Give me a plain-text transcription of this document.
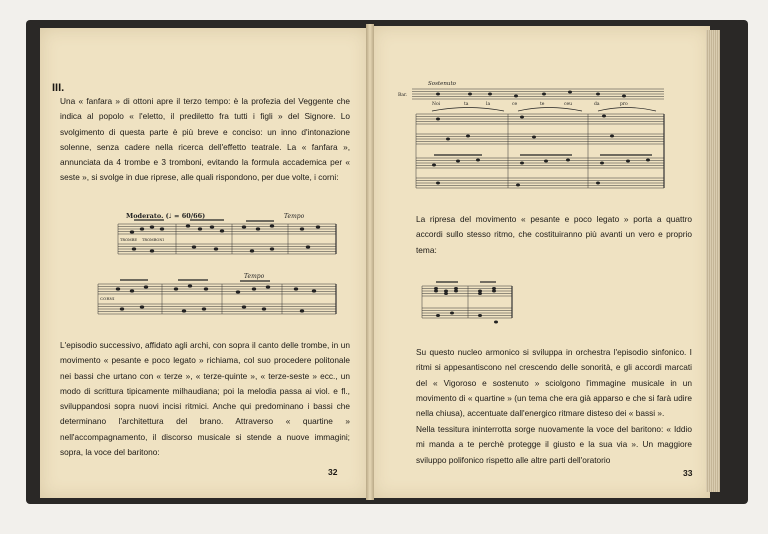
III.

Una « fanfara » di ottoni apre il terzo tempo: è la profezia del Veggente che indica al popolo « l'eletto, il prediletto fra tutti i figli » del Signore. Lo svolgimento di questa parte è più breve e conciso: un inno d'intonazione solenne, senza cadere nella ricerca dell'effetto teatrale. La « fanfara », annunciata da 4 trombe e 3 tromboni, evitando la formula accademica per « seste », si svolge in due riprese, alle quali rispondono, per due volte, i corni:

Moderato. (♩ = 60/66)	Tempo
TROMBE TROMBONI
Tempo
CORNI

L'episodio successivo, affidato agli archi, con sopra il canto delle trombe, in un movimento « pesante e poco legato » richiama, col suo procedere politonale nei bassi che urtano con « terze », « terze-quinte », « terze-seste » ecc., un modo di scrittura tipicamente milhaudiana; poi la melodia passa ai viol. e fl., sviluppandosi sopra nuovi incisi ritmici. Anche qui predominano i bassi che determinano l'architettura del brano. Attraverso « quartine » nell'accompagnamento, il discorso musicale si stende a nuove immagini; sopra, la voce del baritono:

32
Sostenuto
Bar.
Noi	ta	la	ce	te	ceu	da	pro

La ripresa del movimento « pesante e poco legato » porta a quattro accordi sullo stesso ritmo, che costituiranno più avanti un vero e proprio tema:

Su questo nucleo armonico si sviluppa in orchestra l'episodio sinfonico. I ritmi si appesantiscono nel crescendo delle sonorità, e gli accordi marcati del « Vigoroso e sostenuto » sciolgono l'immagine musicale in un movimento di « quartine » (un tema che era già apparso e che si farà udire nella chiusa), accentuate dall'energico ritmare disteso dei « bassi ».

Nella tessitura ininterrotta sorge nuovamente la voce del baritono: « Iddio mi manda a te perchè protegge il giusto e la sua via ». Un maggiore sviluppo polifonico rispetto alle altre parti dell'oratorio

33
